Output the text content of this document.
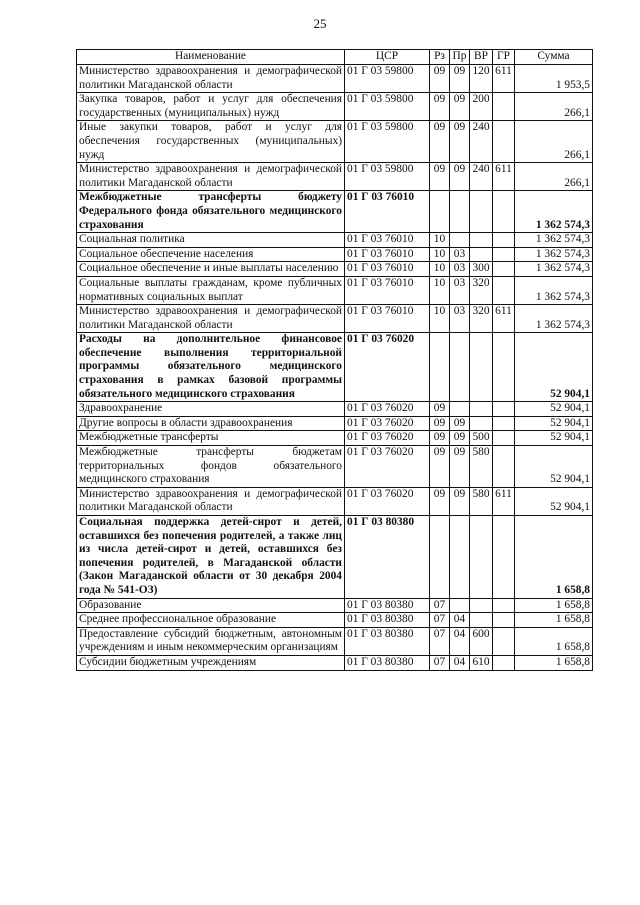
25
Наименование	ЦСР	Рз	Пр	ВР	ГР	Сумма
Министерство здравоохранения и демографической политики Магаданской области	01 Г 03 59800	09	09	120	611	1 953,5
Закупка товаров, работ и услуг для обеспечения государственных (муниципальных) нужд	01 Г 03 59800	09	09	200		266,1
Иные закупки товаров, работ и услуг для обеспечения государственных (муниципальных) нужд	01 Г 03 59800	09	09	240		266,1
Министерство здравоохранения и демографической политики Магаданской области	01 Г 03 59800	09	09	240	611	266,1
Межбюджетные трансферты бюджету Федерального фонда обязательного медицинского страхования	01 Г 03 76010					1 362 574,3
Социальная политика	01 Г 03 76010	10				1 362 574,3
Социальное обеспечение населения	01 Г 03 76010	10	03			1 362 574,3
Социальное обеспечение и иные выплаты населению	01 Г 03 76010	10	03	300		1 362 574,3
Социальные выплаты гражданам, кроме публичных нормативных социальных выплат	01 Г 03 76010	10	03	320		1 362 574,3
Министерство здравоохранения и демографической политики Магаданской области	01 Г 03 76010	10	03	320	611	1 362 574,3
Расходы на дополнительное финансовое обеспечение выполнения территориальной программы обязательного медицинского страхования в рамках базовой программы обязательного медицинского страхования	01 Г 03 76020					52 904,1
Здравоохранение	01 Г 03 76020	09				52 904,1
Другие вопросы в области здравоохранения	01 Г 03 76020	09	09			52 904,1
Межбюджетные трансферты	01 Г 03 76020	09	09	500		52 904,1
Межбюджетные трансферты бюджетам территориальных фондов обязательного медицинского страхования	01 Г 03 76020	09	09	580		52 904,1
Министерство здравоохранения и демографической политики Магаданской области	01 Г 03 76020	09	09	580	611	52 904,1
Социальная поддержка детей-сирот и детей, оставшихся без попечения родителей, а также лиц из числа детей-сирот и детей, оставшихся без попечения родителей, в Магаданской области (Закон Магаданской области от 30 декабря 2004 года № 541-ОЗ)	01 Г 03 80380					1 658,8
Образование	01 Г 03 80380	07				1 658,8
Среднее профессиональное образование	01 Г 03 80380	07	04			1 658,8
Предоставление субсидий бюджетным, автономным учреждениям и иным некоммерческим организациям	01 Г 03 80380	07	04	600		1 658,8
Субсидии бюджетным учреждениям	01 Г 03 80380	07	04	610		1 658,8
